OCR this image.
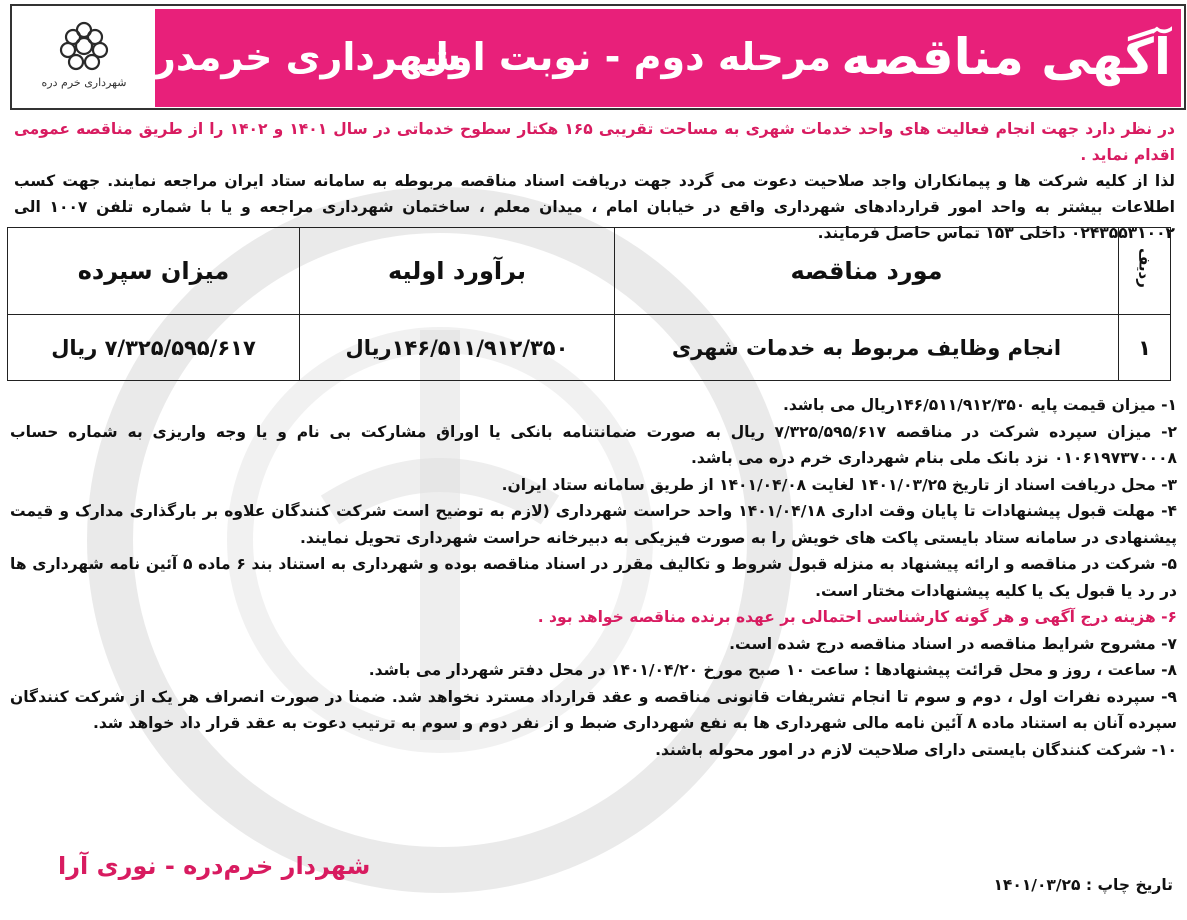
شهرداری خرم دره	آگهی مناقصه
مرحله دوم - نوبت اول
شهرداری خرمدره
در نظر دارد جهت انجام فعالیت های واحد خدمات شهری به مساحت تقریبی ۱۶۵ هکتار سطوح خدماتی در سال ۱۴۰۱ و ۱۴۰۲ را از طریق مناقصه عمومی اقدام نماید .
لذا از کلیه شرکت ها و پیمانکاران واجد صلاحیت دعوت می گردد جهت دریافت اسناد مناقصه مربوطه به سامانه ستاد ایران مراجعه نمایند. جهت کسب اطلاعات بیشتر به واحد امور قراردادهای شهرداری واقع در خیابان امام ، میدان معلم ، ساختمان شهرداری مراجعه و یا با شماره تلفن ۱۰۰۷ الی ۰۲۴۳۵۵۳۱۰۰۲ داخلی ۱۵۳ تماس حاصل فرمایند.
ردیف	مورد مناقصه	برآورد اولیه	میزان سپرده
۱	انجام وظایف مربوط به خدمات شهری	۱۴۶/۵۱۱/۹۱۲/۳۵۰ریال	۷/۳۲۵/۵۹۵/۶۱۷ ریال
۱- میزان قیمت پایه ۱۴۶/۵۱۱/۹۱۲/۳۵۰ریال می باشد.
۲- میزان سپرده شرکت در مناقصه ۷/۳۲۵/۵۹۵/۶۱۷ ریال به صورت ضمانتنامه بانکی یا اوراق مشارکت بی نام و یا وجه واریزی به شماره حساب ۰۱۰۶۱۹۷۳۷۰۰۰۸ نزد بانک ملی بنام شهرداری خرم دره می باشد.
۳- محل دریافت اسناد از تاریخ ۱۴۰۱/۰۳/۲۵ لغایت ۱۴۰۱/۰۴/۰۸ از طریق سامانه ستاد ایران.
۴- مهلت قبول پیشنهادات تا پایان وقت اداری ۱۴۰۱/۰۴/۱۸ واحد حراست شهرداری (لازم به توضیح است شرکت کنندگان علاوه بر بارگذاری مدارک و قیمت پیشنهادی در سامانه ستاد بایستی پاکت های خویش را به صورت فیزیکی به دبیرخانه حراست شهرداری تحویل نمایند.
۵- شرکت در مناقصه و ارائه پیشنهاد به منزله قبول شروط و تکالیف مقرر در اسناد مناقصه بوده و شهرداری به استناد بند ۶ ماده ۵ آئین نامه شهرداری ها در رد یا قبول یک یا کلیه پیشنهادات مختار است.
۶- هزینه درج آگهی و هر گونه کارشناسی احتمالی بر عهده برنده مناقصه خواهد بود .
۷- مشروح شرایط مناقصه در اسناد مناقصه درج شده است.
۸- ساعت ، روز و محل قرائت پیشنهادها : ساعت ۱۰ صبح مورخ ۱۴۰۱/۰۴/۲۰ در محل دفتر شهردار می باشد.
۹- سپرده نفرات اول ، دوم و سوم تا انجام تشریفات قانونی مناقصه و عقد قرارداد مسترد نخواهد شد. ضمنا در صورت انصراف هر یک از شرکت کنندگان سپرده آنان به استناد ماده ۸ آئین نامه مالی شهرداری ها به نفع شهرداری ضبط و از نفر دوم و سوم به ترتیب دعوت به عقد قرار داد خواهد شد.
۱۰- شرکت کنندگان بایستی دارای صلاحیت لازم در امور محوله باشند.
شهردار خرم‌دره - نوری آرا
تاریخ چاپ : ۱۴۰۱/۰۳/۲۵
